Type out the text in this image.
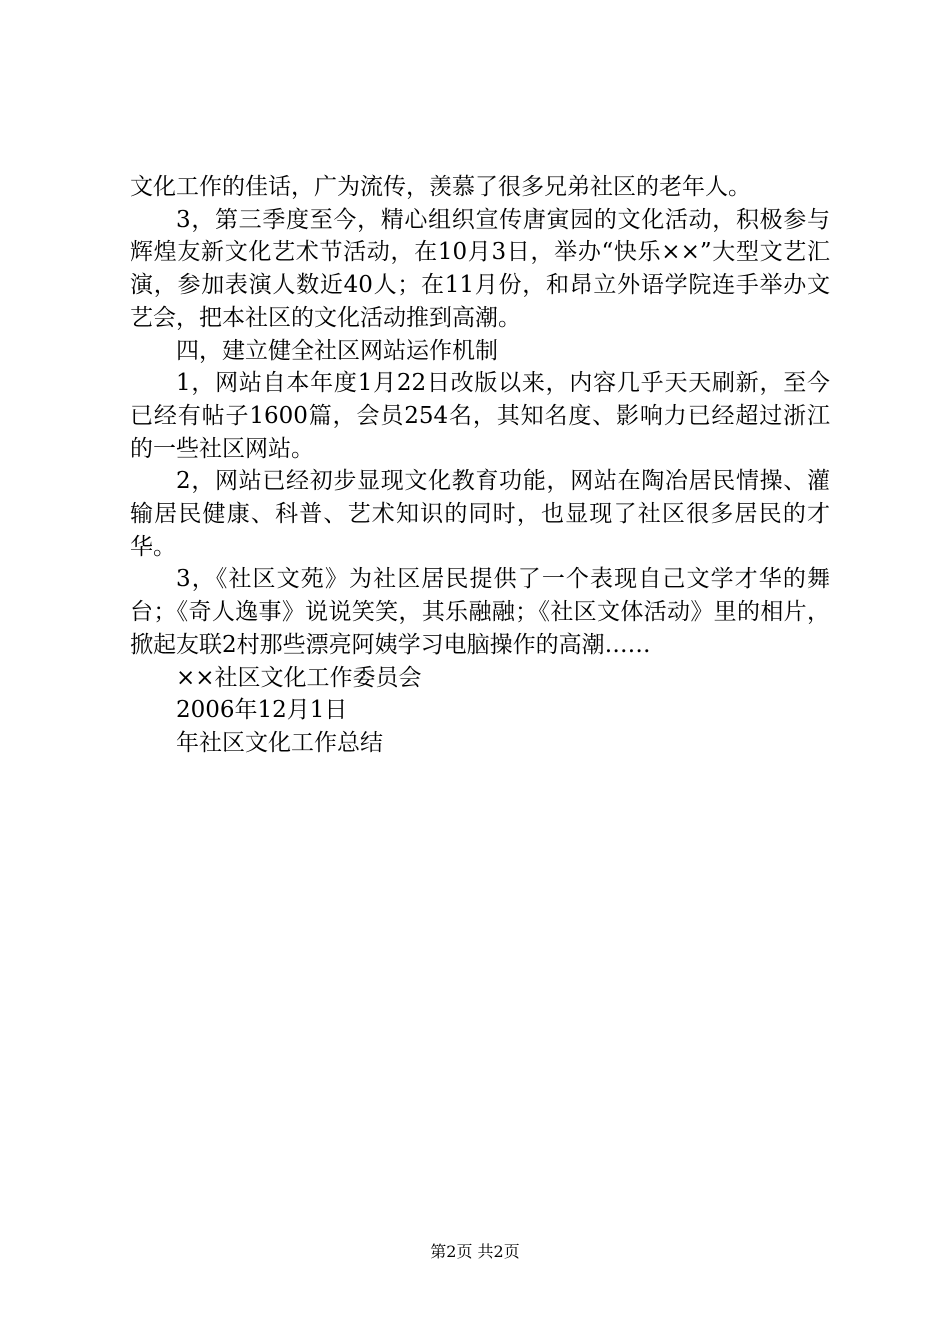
文化工作的佳话，广为流传，羡慕了很多兄弟社区的老年人。

3，第三季度至今，精心组织宣传唐寅园的文化活动，积极参与辉煌友新文化艺术节活动，在10月3日，举办“快乐××”大型文艺汇演，参加表演人数近40人；在11月份，和昂立外语学院连手举办文艺会，把本社区的文化活动推到高潮。

四，建立健全社区网站运作机制

1，网站自本年度1月22日改版以来，内容几乎天天刷新，至今已经有帖子1600篇，会员254名，其知名度、影响力已经超过浙江的一些社区网站。

2，网站已经初步显现文化教育功能，网站在陶冶居民情操、灌输居民健康、科普、艺术知识的同时，也显现了社区很多居民的才华。

3，《社区文苑》为社区居民提供了一个表现自己文学才华的舞台；《奇人逸事》说说笑笑，其乐融融；《社区文体活动》里的相片，掀起友联2村那些漂亮阿姨学习电脑操作的高潮……

××社区文化工作委员会

2006年12月1日

年社区文化工作总结

第2页 共2页
